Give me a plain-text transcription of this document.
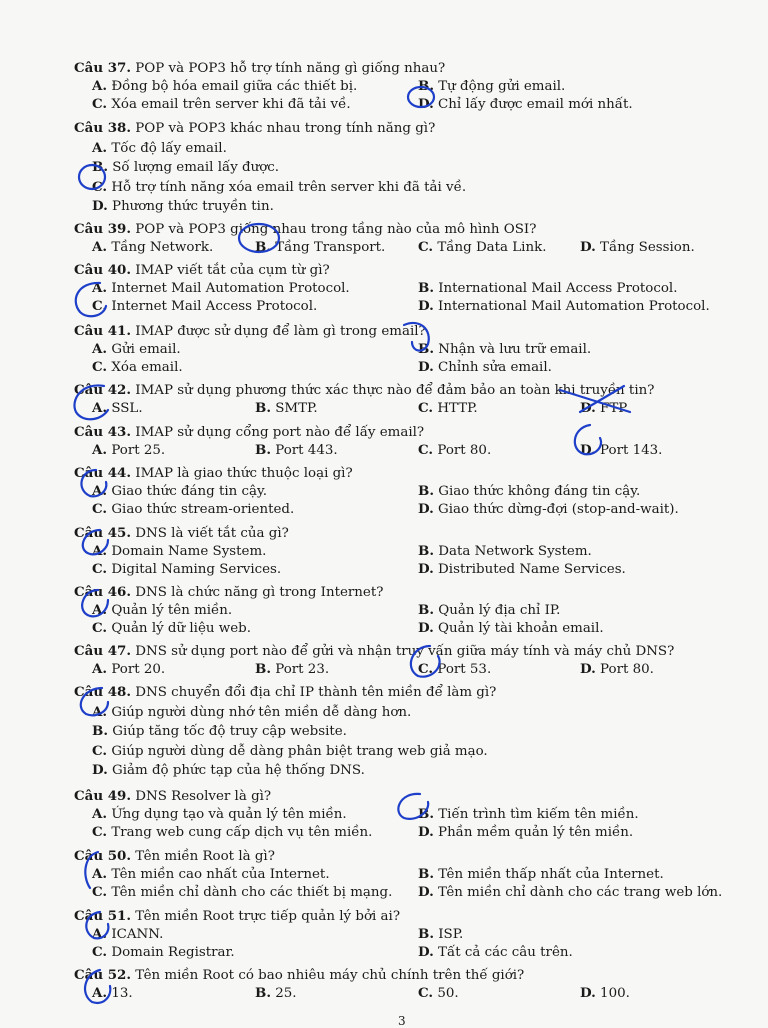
Câu 37. POP và POP3 hỗ trợ tính năng gì giống nhau?
A. Đồng bộ hóa email giữa các thiết bị.	B. Tự động gửi email.
C. Xóa email trên server khi đã tải về.	D. Chỉ lấy được email mới nhất.
Câu 38. POP và POP3 khác nhau trong tính năng gì?
A. Tốc độ lấy email.
B. Số lượng email lấy được.
C. Hỗ trợ tính năng xóa email trên server khi đã tải về.
D. Phương thức truyền tin.
Câu 39. POP và POP3 giống nhau trong tầng nào của mô hình OSI?
A. Tầng Network.	B. Tầng Transport. C. Tầng Data Link.	D. Tầng Session.
Câu 40. IMAP viết tắt của cụm từ gì?
A. Internet Mail Automation Protocol.	B. International Mail Access Protocol.
C. Internet Mail Access Protocol.	D. International Mail Automation Protocol.
Câu 41. IMAP được sử dụng để làm gì trong email?
A. Gửi email.	B. Nhận và lưu trữ email.
C. Xóa email.	D. Chỉnh sửa email.
Câu 42. IMAP sử dụng phương thức xác thực nào để đảm bảo an toàn khi truyền tin?
A. SSL.	B. SMTP.	C. HTTP.	D. FTP.
Câu 43. IMAP sử dụng cổng port nào để lấy email?
A. Port 25.	B. Port 443.	C. Port 80.	D. Port 143.
Câu 44. IMAP là giao thức thuộc loại gì?
A. Giao thức đáng tin cậy.	B. Giao thức không đáng tin cậy.
C. Giao thức stream-oriented.	D. Giao thức dừng-đợi (stop-and-wait).
Câu 45. DNS là viết tắt của gì?
A. Domain Name System.	B. Data Network System.
C. Digital Naming Services.	D. Distributed Name Services.
Câu 46. DNS là chức năng gì trong Internet?
A. Quản lý tên miền.	B. Quản lý địa chỉ IP.
C. Quản lý dữ liệu web.	D. Quản lý tài khoản email.
Câu 47. DNS sử dụng port nào để gửi và nhận truy vấn giữa máy tính và máy chủ DNS?
A. Port 20.	B. Port 23.	C. Port 53.	D. Port 80.
Câu 48. DNS chuyển đổi địa chỉ IP thành tên miền để làm gì?
A. Giúp người dùng nhớ tên miền dễ dàng hơn.
B. Giúp tăng tốc độ truy cập website.
C. Giúp người dùng dễ dàng phân biệt trang web giả mạo.
D. Giảm độ phức tạp của hệ thống DNS.
Câu 49. DNS Resolver là gì?
A. Ứng dụng tạo và quản lý tên miền.	B. Tiến trình tìm kiếm tên miền.
C. Trang web cung cấp dịch vụ tên miền.	D. Phần mềm quản lý tên miền.
Câu 50. Tên miền Root là gì?
A. Tên miền cao nhất của Internet.	B. Tên miền thấp nhất của Internet.
C. Tên miền chỉ dành cho các thiết bị mạng. D. Tên miền chỉ dành cho các trang web lớn.
Câu 51. Tên miền Root trực tiếp quản lý bởi ai?
A. ICANN.	B. ISP.
C. Domain Registrar.	D. Tất cả các câu trên.
Câu 52. Tên miền Root có bao nhiêu máy chủ chính trên thế giới?
A. 13.	B. 25.	C. 50.	D. 100.
3
